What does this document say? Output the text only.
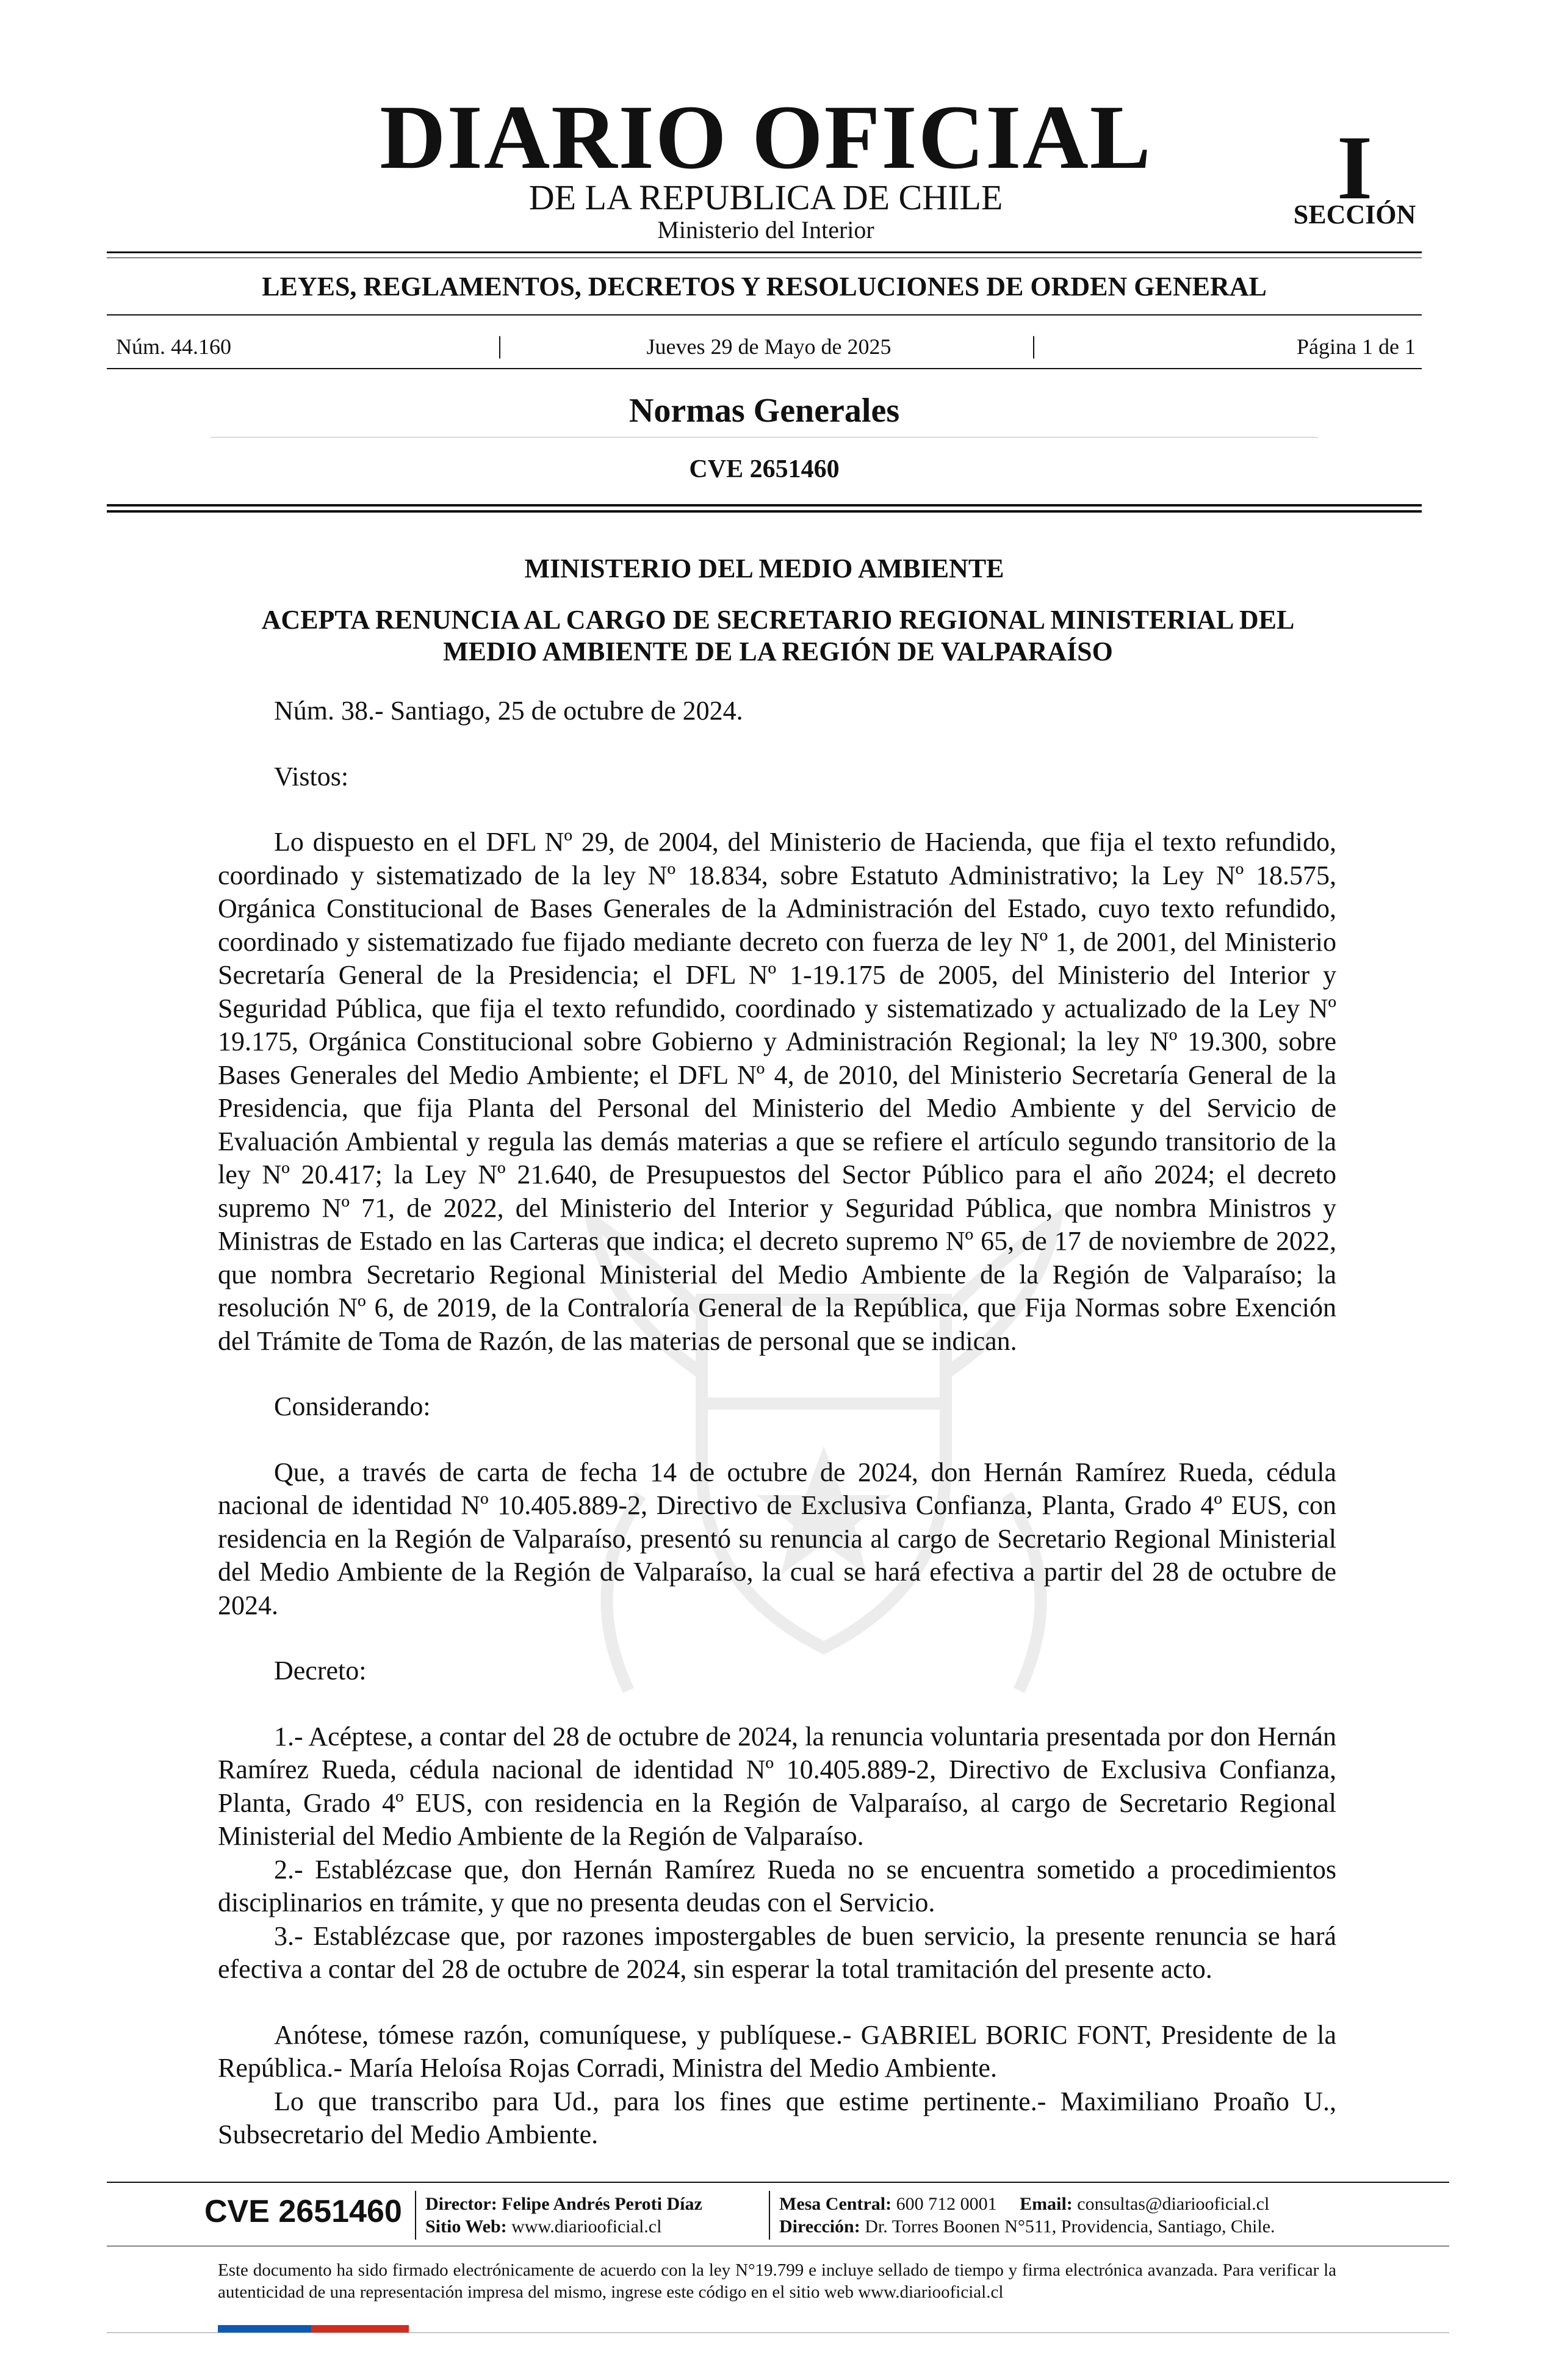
DIARIO OFICIAL
DE LA REPUBLICA DE CHILE
Ministerio del Interior
I
SECCIÓN
LEYES, REGLAMENTOS, DECRETOS Y RESOLUCIONES DE ORDEN GENERAL
Núm. 44.160	|	Jueves 29 de Mayo de 2025	|	Página 1 de 1
Normas Generales
CVE 2651460
MINISTERIO DEL MEDIO AMBIENTE
ACEPTA RENUNCIA AL CARGO DE SECRETARIO REGIONAL MINISTERIAL DEL MEDIO AMBIENTE DE LA REGIÓN DE VALPARAÍSO

Núm. 38.- Santiago, 25 de octubre de 2024.

Vistos:

Lo dispuesto en el DFL Nº 29, de 2004, del Ministerio de Hacienda, que fija el texto refundido, coordinado y sistematizado de la ley Nº 18.834, sobre Estatuto Administrativo; la Ley Nº 18.575, Orgánica Constitucional de Bases Generales de la Administración del Estado, cuyo texto refundido, coordinado y sistematizado fue fijado mediante decreto con fuerza de ley Nº 1, de 2001, del Ministerio Secretaría General de la Presidencia; el DFL Nº 1-19.175 de 2005, del Ministerio del Interior y Seguridad Pública, que fija el texto refundido, coordinado y sistematizado y actualizado de la Ley Nº 19.175, Orgánica Constitucional sobre Gobierno y Administración Regional; la ley Nº 19.300, sobre Bases Generales del Medio Ambiente; el DFL Nº 4, de 2010, del Ministerio Secretaría General de la Presidencia, que fija Planta del Personal del Ministerio del Medio Ambiente y del Servicio de Evaluación Ambiental y regula las demás materias a que se refiere el artículo segundo transitorio de la ley Nº 20.417; la Ley Nº 21.640, de Presupuestos del Sector Público para el año 2024; el decreto supremo Nº 71, de 2022, del Ministerio del Interior y Seguridad Pública, que nombra Ministros y Ministras de Estado en las Carteras que indica; el decreto supremo Nº 65, de 17 de noviembre de 2022, que nombra Secretario Regional Ministerial del Medio Ambiente de la Región de Valparaíso; la resolución Nº 6, de 2019, de la Contraloría General de la República, que Fija Normas sobre Exención del Trámite de Toma de Razón, de las materias de personal que se indican.

Considerando:

Que, a través de carta de fecha 14 de octubre de 2024, don Hernán Ramírez Rueda, cédula nacional de identidad Nº 10.405.889-2, Directivo de Exclusiva Confianza, Planta, Grado 4º EUS, con residencia en la Región de Valparaíso, presentó su renuncia al cargo de Secretario Regional Ministerial del Medio Ambiente de la Región de Valparaíso, la cual se hará efectiva a partir del 28 de octubre de 2024.

Decreto:

1.- Acéptese, a contar del 28 de octubre de 2024, la renuncia voluntaria presentada por don Hernán Ramírez Rueda, cédula nacional de identidad Nº 10.405.889-2, Directivo de Exclusiva Confianza, Planta, Grado 4º EUS, con residencia en la Región de Valparaíso, al cargo de Secretario Regional Ministerial del Medio Ambiente de la Región de Valparaíso.

2.- Establézcase que, don Hernán Ramírez Rueda no se encuentra sometido a procedimientos disciplinarios en trámite, y que no presenta deudas con el Servicio.

3.- Establézcase que, por razones impostergables de buen servicio, la presente renuncia se hará efectiva a contar del 28 de octubre de 2024, sin esperar la total tramitación del presente acto.

Anótese, tómese razón, comuníquese, y publíquese.- GABRIEL BORIC FONT, Presidente de la República.- María Heloísa Rojas Corradi, Ministra del Medio Ambiente.

Lo que transcribo para Ud., para los fines que estime pertinente.- Maximiliano Proaño U., Subsecretario del Medio Ambiente.

CVE 2651460 Director: Felipe Andrés Peroti Díaz
Sitio Web: www.diariooficial.cl
Mesa Central: 600 712 0001 Email: consultas@diariooficial.cl
Dirección: Dr. Torres Boonen N°511, Providencia, Santiago, Chile.
Este documento ha sido firmado electrónicamente de acuerdo con la ley N°19.799 e incluye sellado de tiempo y firma electrónica avanzada. Para verificar la autenticidad de una representación impresa del mismo, ingrese este código en el sitio web www.diariooficial.cl
